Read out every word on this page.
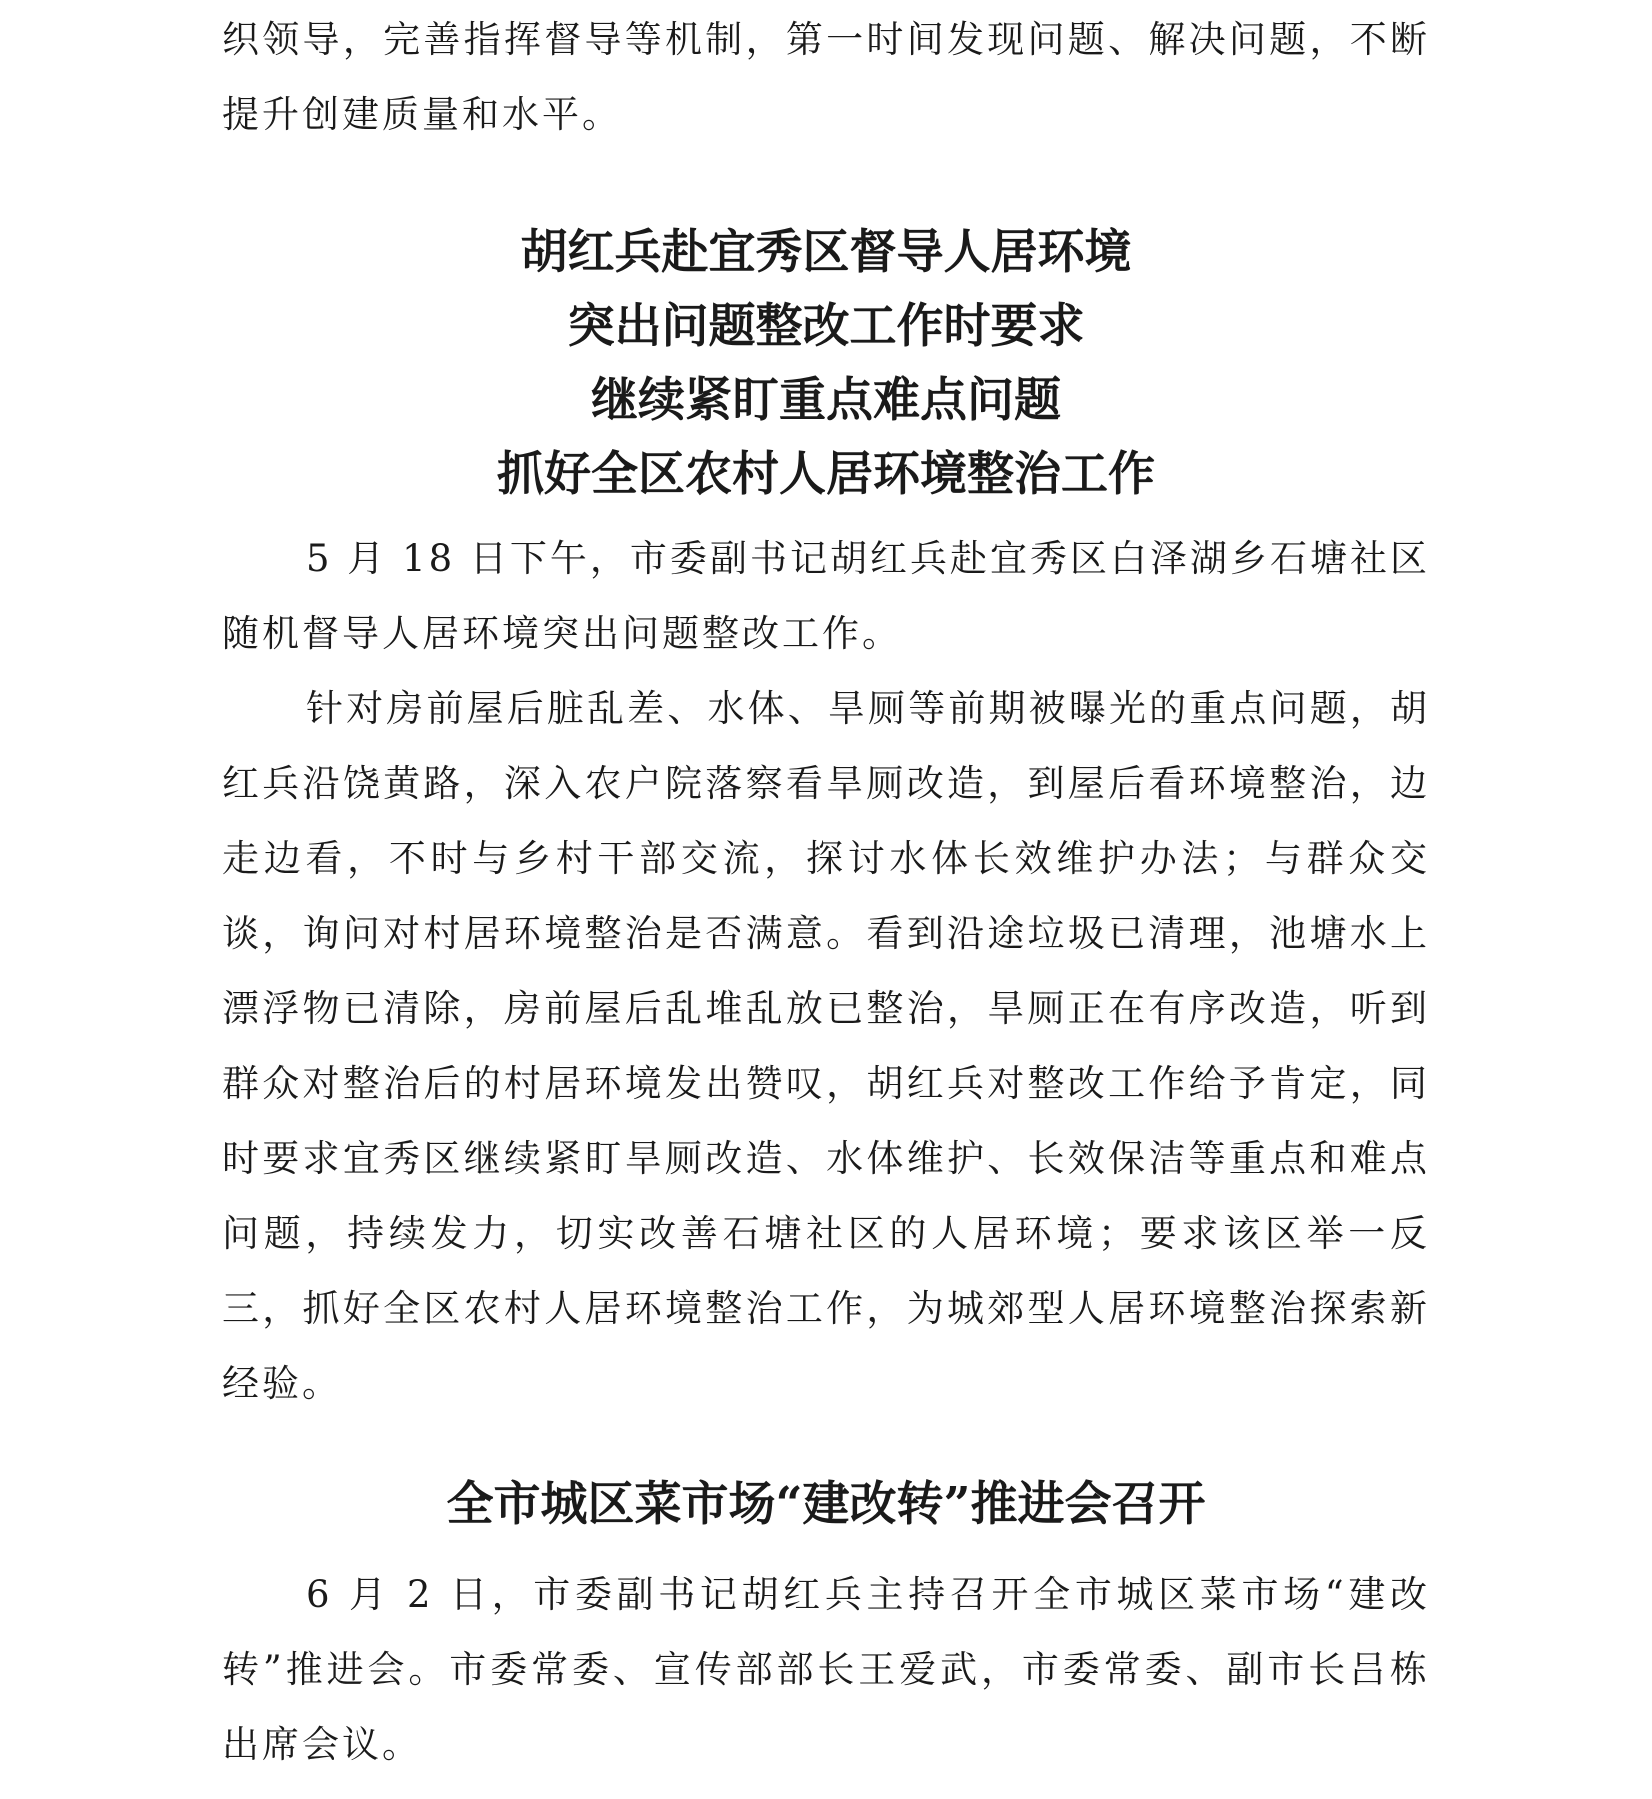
织领导，完善指挥督导等机制，第一时间发现问题、解决问题，不断提升创建质量和水平。

胡红兵赴宜秀区督导人居环境
突出问题整改工作时要求
继续紧盯重点难点问题
抓好全区农村人居环境整治工作

5 月 18 日下午，市委副书记胡红兵赴宜秀区白泽湖乡石塘社区随机督导人居环境突出问题整改工作。

针对房前屋后脏乱差、水体、旱厕等前期被曝光的重点问题，胡红兵沿饶黄路，深入农户院落察看旱厕改造，到屋后看环境整治，边走边看，不时与乡村干部交流，探讨水体长效维护办法；与群众交谈，询问对村居环境整治是否满意。看到沿途垃圾已清理，池塘水上漂浮物已清除，房前屋后乱堆乱放已整治，旱厕正在有序改造，听到群众对整治后的村居环境发出赞叹，胡红兵对整改工作给予肯定，同时要求宜秀区继续紧盯旱厕改造、水体维护、长效保洁等重点和难点问题，持续发力，切实改善石塘社区的人居环境；要求该区举一反三，抓好全区农村人居环境整治工作，为城郊型人居环境整治探索新经验。

全市城区菜市场“建改转”推进会召开

6 月 2 日，市委副书记胡红兵主持召开全市城区菜市场“建改转”推进会。市委常委、宣传部部长王爱武，市委常委、副市长吕栋出席会议。
